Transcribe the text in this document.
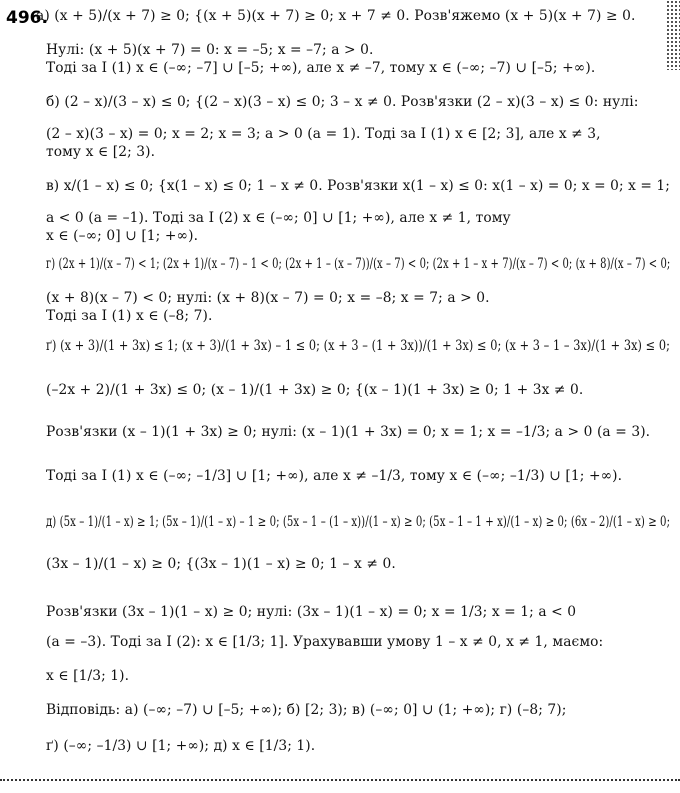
496.
а) (x + 5)/(x + 7) ≥ 0; {(x + 5)(x + 7) ≥ 0; x + 7 ≠ 0. Розв'яжемо (x + 5)(x + 7) ≥ 0.
Нулі: (x + 5)(x + 7) = 0: x = –5; x = –7; a > 0.
Тоді за І (1) x ∈ (–∞; –7] ∪ [–5; +∞), але x ≠ –7, тому x ∈ (–∞; –7) ∪ [–5; +∞).
б) (2 – x)/(3 – x) ≤ 0; {(2 – x)(3 – x) ≤ 0; 3 – x ≠ 0. Розв'язки (2 – x)(3 – x) ≤ 0: нулі:
(2 – x)(3 – x) = 0; x = 2; x = 3; a > 0 (a = 1). Тоді за І (1) x ∈ [2; 3], але x ≠ 3,
тому x ∈ [2; 3).
в) x/(1 – x) ≤ 0; {x(1 – x) ≤ 0; 1 – x ≠ 0. Розв'язки x(1 – x) ≤ 0: x(1 – x) = 0; x = 0; x = 1;
a < 0 (a = –1). Тоді за І (2) x ∈ (–∞; 0] ∪ [1; +∞), але x ≠ 1, тому
x ∈ (–∞; 0] ∪ [1; +∞).
г) (2x + 1)/(x – 7) < 1; (2x + 1)/(x – 7) – 1 < 0; (2x + 1 – (x – 7))/(x – 7) < 0; (2x + 1 – x + 7)/(x – 7) < 0; (x + 8)/(x – 7) < 0;
(x + 8)(x – 7) < 0; нулі: (x + 8)(x – 7) = 0; x = –8; x = 7; a > 0.
Тоді за І (1) x ∈ (–8; 7).
ґ) (x + 3)/(1 + 3x) ≤ 1; (x + 3)/(1 + 3x) – 1 ≤ 0; (x + 3 – (1 + 3x))/(1 + 3x) ≤ 0; (x + 3 – 1 – 3x)/(1 + 3x) ≤ 0;
(–2x + 2)/(1 + 3x) ≤ 0; (x – 1)/(1 + 3x) ≥ 0; {(x – 1)(1 + 3x) ≥ 0; 1 + 3x ≠ 0.
Розв'язки (x – 1)(1 + 3x) ≥ 0; нулі: (x – 1)(1 + 3x) = 0; x = 1; x = –1/3; a > 0 (a = 3).
Тоді за І (1) x ∈ (–∞; –1/3] ∪ [1; +∞), але x ≠ –1/3, тому x ∈ (–∞; –1/3) ∪ [1; +∞).
д) (5x – 1)/(1 – x) ≥ 1; (5x – 1)/(1 – x) – 1 ≥ 0; (5x – 1 – (1 – x))/(1 – x) ≥ 0; (5x – 1 – 1 + x)/(1 – x) ≥ 0; (6x – 2)/(1 – x) ≥ 0;
(3x – 1)/(1 – x) ≥ 0; {(3x – 1)(1 – x) ≥ 0; 1 – x ≠ 0.
Розв'язки (3x – 1)(1 – x) ≥ 0; нулі: (3x – 1)(1 – x) = 0; x = 1/3; x = 1; a < 0
(a = –3). Тоді за І (2): x ∈ [1/3; 1]. Урахувавши умову 1 – x ≠ 0, x ≠ 1, маємо:
x ∈ [1/3; 1).
Відповідь: а) (–∞; –7) ∪ [–5; +∞); б) [2; 3); в) (–∞; 0] ∪ (1; +∞); г) (–8; 7);
ґ) (–∞; –1/3) ∪ [1; +∞); д) x ∈ [1/3; 1).
